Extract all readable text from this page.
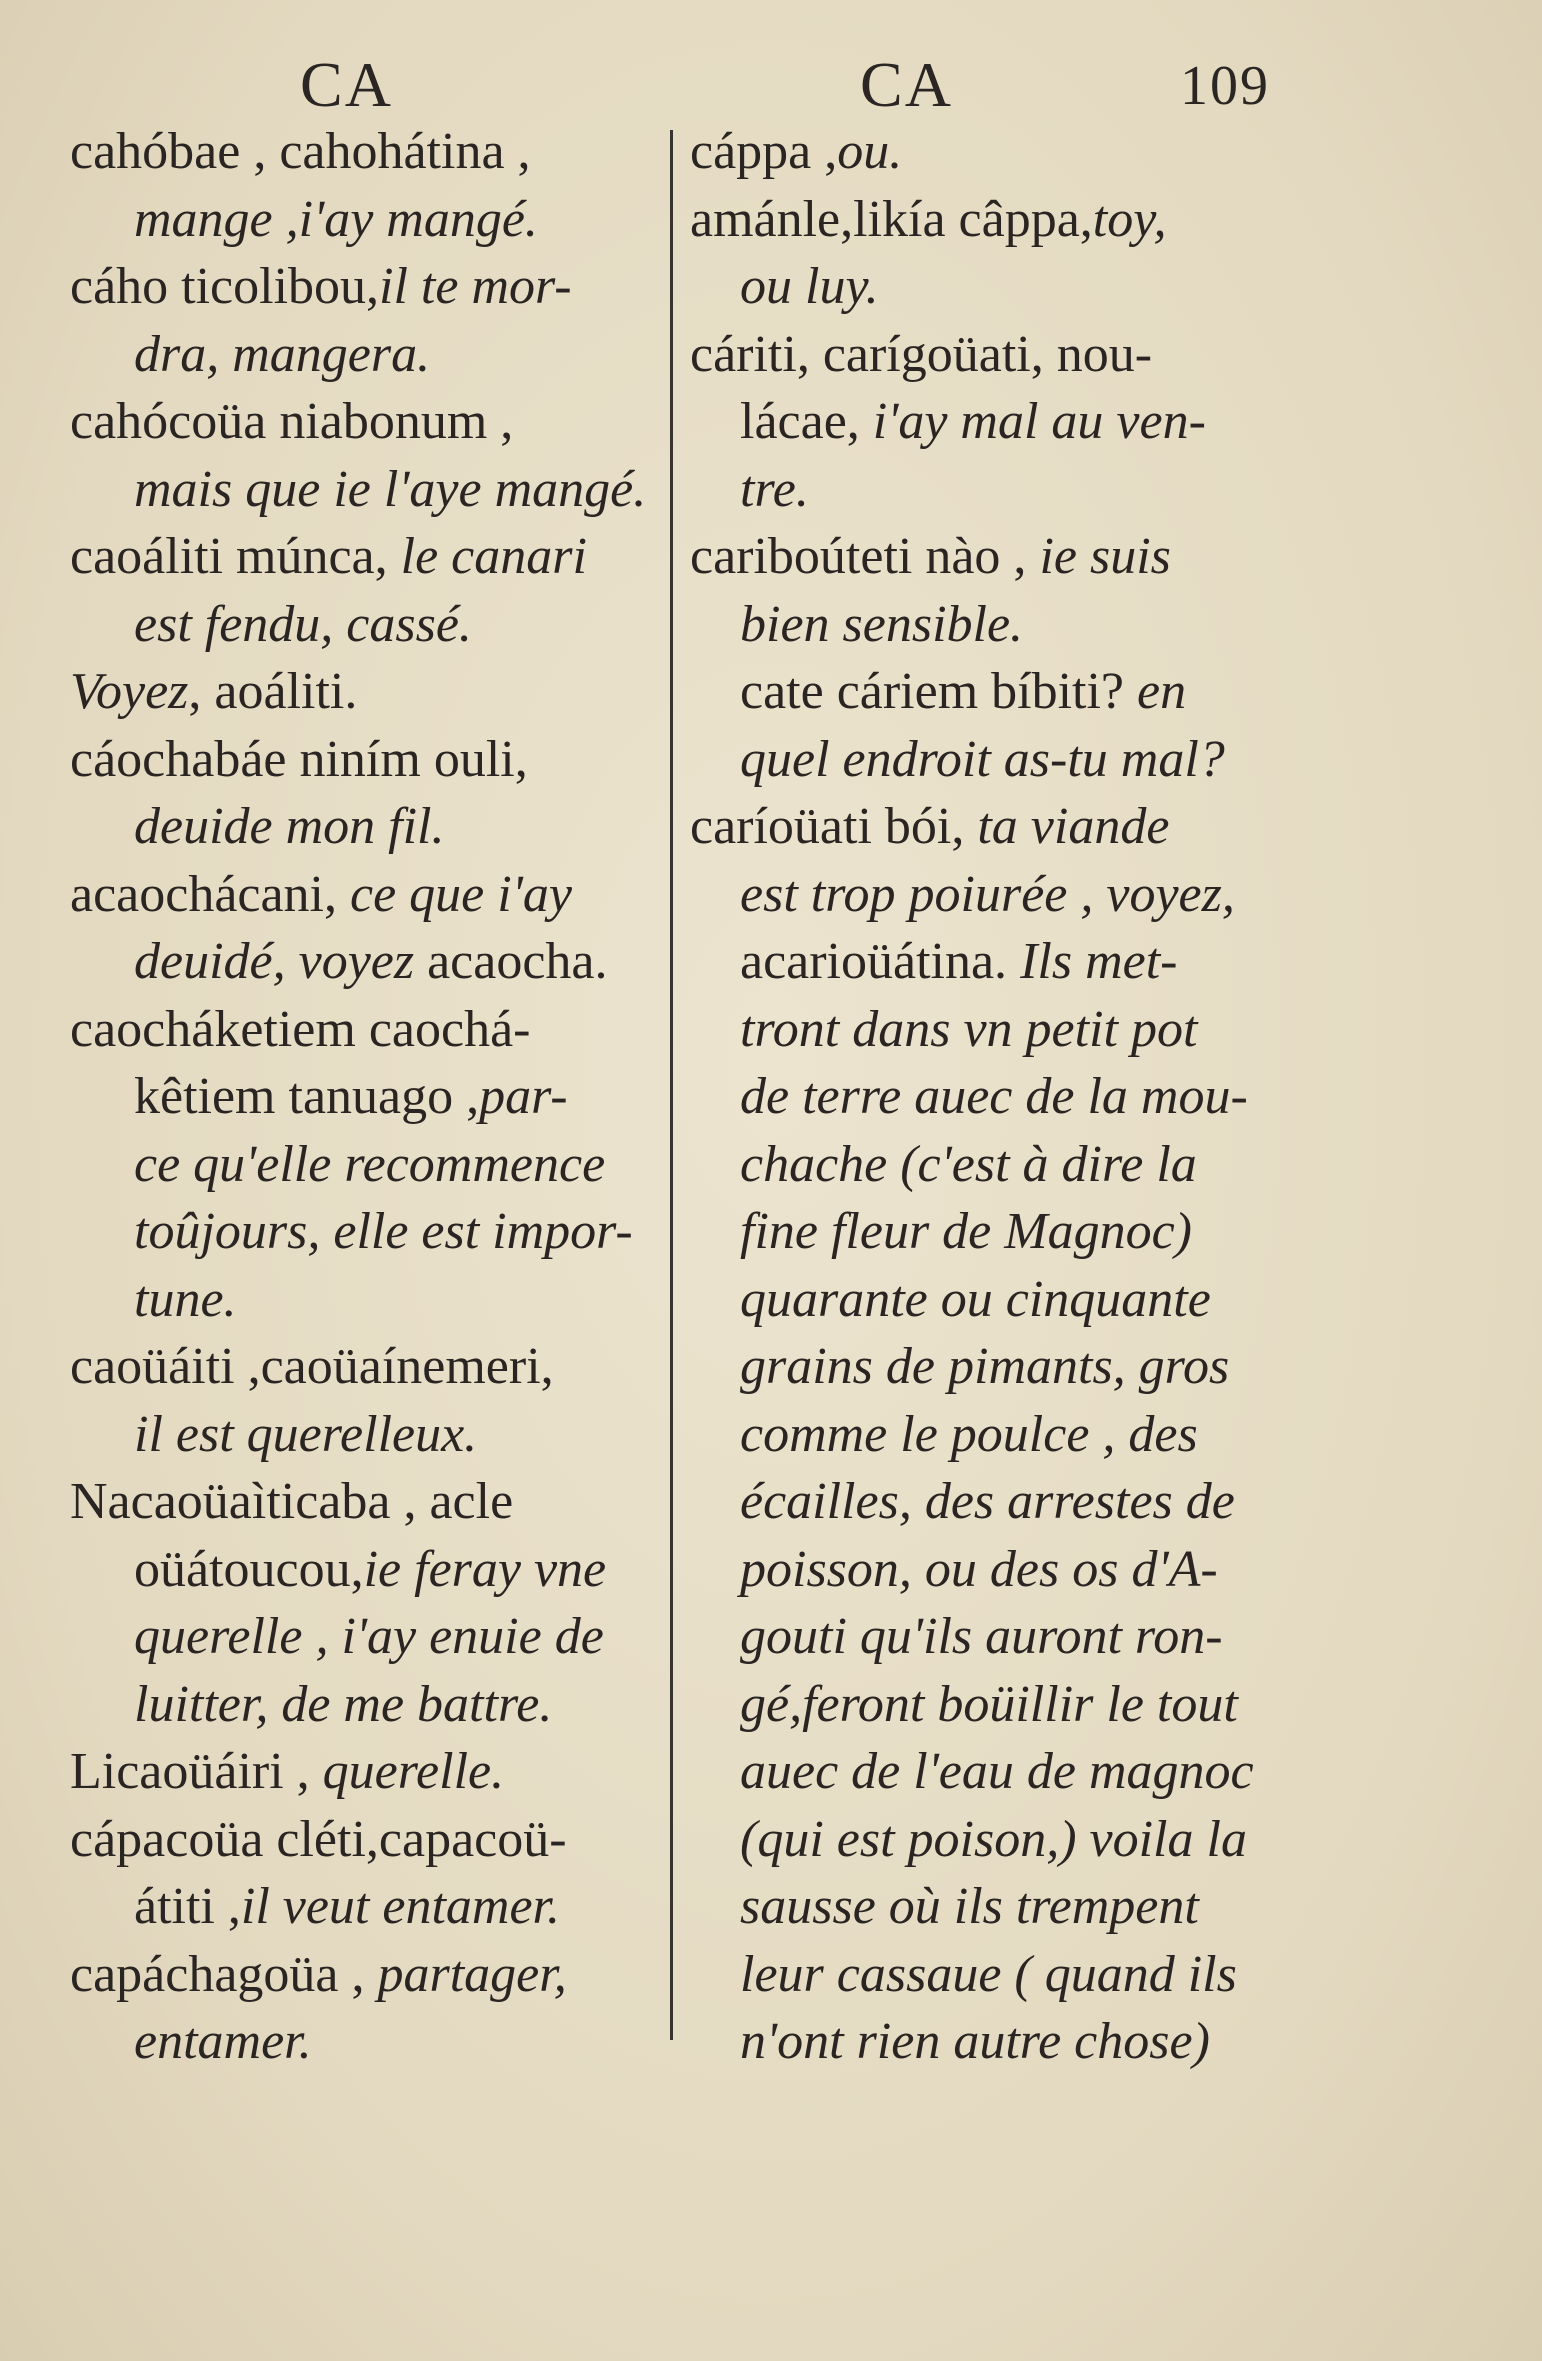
CA	CA	109
cahóbae , cahohátina ,
mange ,i'ay mangé.
cáho ticolibou,il te mor-
dra, mangera.
cahócoüa niabonum ,
mais que ie l'aye mangé.
caoáliti múnca, le canari
est fendu, cassé.
Voyez, aoáliti.
cáochabáe niním ouli,
deuide mon fil.
acaochácani, ce que i'ay
deuidé, voyez acaocha.
caocháketiem caochá-
kêtiem tanuago ,par-
ce qu'elle recommence
toûjours, elle est impor-
tune.
caoüáiti ,caoüaínemeri,
il est querelleux.
Nacaoüaìticaba , acle
oüátoucou,ie feray vne
querelle , i'ay enuie de
luitter, de me battre.
Licaoüáiri , querelle.
cápacoüa cléti,capacoü-
átiti ,il veut entamer.
capáchagoüa , partager,
entamer.
cáppa ,ou.
amánle,likía câppa,toy,
ou luy.
cáriti, carígoüati, nou-
lácae, i'ay mal au ven-
tre.
cariboúteti nào , ie suis
bien sensible.
cate cáriem bíbiti? en
quel endroit as-tu mal?
caríoüati bói, ta viande
est trop poiurée , voyez,
acarioüátina. Ils met-
tront dans vn petit pot
de terre auec de la mou-
chache (c'est à dire la
fine fleur de Magnoc)
quarante ou cinquante
grains de pimants, gros
comme le poulce , des
écailles, des arrestes de
poisson, ou des os d'A-
gouti qu'ils auront ron-
gé,feront boüillir le tout
auec de l'eau de magnoc
(qui est poison,) voila la
sausse où ils trempent
leur cassaue ( quand ils
n'ont rien autre chose)
